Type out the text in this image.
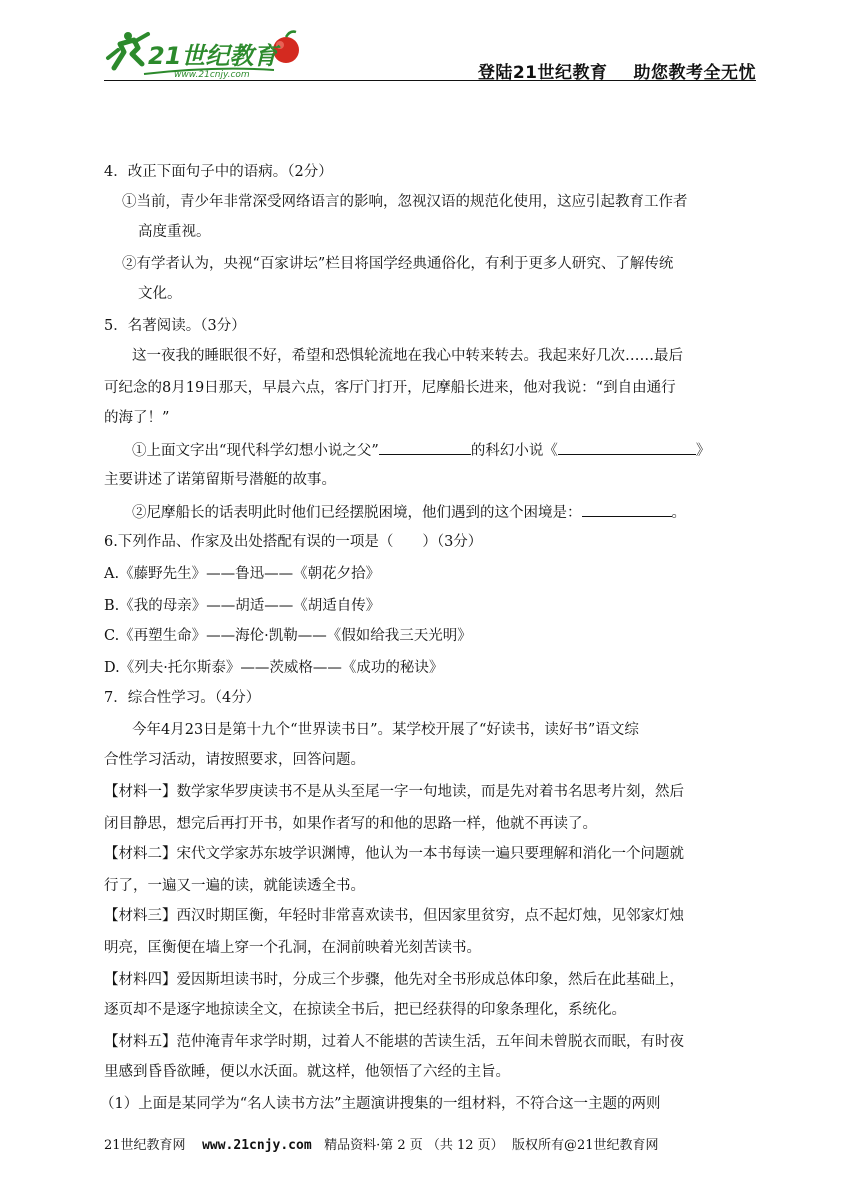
21世纪教育
www.21cnjy.com	登陆21世纪教育 助您教考全无忧
4．改正下面句子中的语病。（2分）
①当前，青少年非常深受网络语言的影响，忽视汉语的规范化使用，这应引起教育工作者
高度重视。
②有学者认为，央视“百家讲坛”栏目将国学经典通俗化，有利于更多人研究、了解传统
文化。
5．名著阅读。（3分）
这一夜我的睡眠很不好，希望和恐惧轮流地在我心中转来转去。我起来好几次……最后
可纪念的8月19日那天，早晨六点，客厅门打开，尼摩船长进来，他对我说：“到自由通行
的海了！”
①上面文字出“现代科学幻想小说之父”	的科幻小说《	》
主要讲述了诺第留斯号潜艇的故事。
②尼摩船长的话表明此时他们已经摆脱困境，他们遇到的这个困境是：	。
6.下列作品、作家及出处搭配有误的一项是（　　）（3分）
A.《藤野先生》——鲁迅——《朝花夕拾》
B.《我的母亲》——胡适——《胡适自传》
C.《再塑生命》——海伦·凯勒——《假如给我三天光明》
D.《列夫·托尔斯泰》——茨威格——《成功的秘诀》
7．综合性学习。（4分）
今年4月23日是第十九个“世界读书日”。某学校开展了“好读书，读好书”语文综
合性学习活动，请按照要求，回答问题。
【材料一】数学家华罗庚读书不是从头至尾一字一句地读，而是先对着书名思考片刻，然后
闭目静思，想完后再打开书，如果作者写的和他的思路一样，他就不再读了。
【材料二】宋代文学家苏东坡学识渊博，他认为一本书每读一遍只要理解和消化一个问题就
行了，一遍又一遍的读，就能读透全书。
【材料三】西汉时期匡衡，年轻时非常喜欢读书，但因家里贫穷，点不起灯烛，见邻家灯烛
明亮，匡衡便在墙上穿一个孔洞，在洞前映着光刻苦读书。
【材料四】爱因斯坦读书时，分成三个步骤，他先对全书形成总体印象，然后在此基础上，
逐页却不是逐字地掠读全文，在掠读全书后，把已经获得的印象条理化，系统化。
【材料五】范仲淹青年求学时期，过着人不能堪的苦读生活，五年间未曾脱衣而眠，有时夜
里感到昏昏欲睡，便以水沃面。就这样，他领悟了六经的主旨。
（1）上面是某同学为“名人读书方法”主题演讲搜集的一组材料，不符合这一主题的两则
21世纪教育网 www.21cnjy.com 精品资料·第 2 页 （共 12 页） 版权所有@21世纪教育网
